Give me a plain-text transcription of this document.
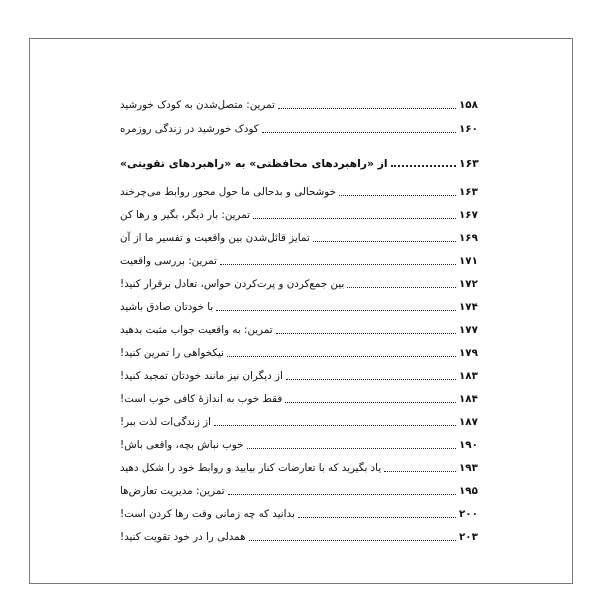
تمرین: متصل‌شدن به کودک خورشید	۱۵۸
کودک خورشید در زندگی روزمره	۱۶۰
از «راهبردهای محافظتی» به «راهبردهای تقویتی»	۱۶۳
خوشحالی و بدحالی ما حول محور روابط می‌چرخند	۱۶۳
تمرین: بار دیگر، بگیر و رها کن	۱۶۷
تمایز قائل‌شدن بین واقعیت و تفسیر ما از آن	۱۶۹
تمرین: بررسی واقعیت	۱۷۱
بین جمع‌کردن و پرت‌کردن حواس، تعادل برقرار کنید!	۱۷۲
با خودتان صادق باشید	۱۷۴
تمرین: به واقعیت جواب مثبت بدهید	۱۷۷
نیکخواهی را تمرین کنید!	۱۷۹
از دیگران نیز مانند خودتان تمجید کنید!	۱۸۳
فقط خوب به اندازهٔ کافی خوب است!	۱۸۴
از زندگی‌ات لذت ببر!	۱۸۷
خوب نباش بچه، واقعی باش!	۱۹۰
یاد بگیرید که با تعارضات کنار بیایید و روابط خود را شکل دهید	۱۹۳
تمرین: مدیریت تعارض‌ها	۱۹۵
بدانید که چه زمانی وقت رها کردن است!	۲۰۰
همدلی را در خود تقویت کنید!	۲۰۳
